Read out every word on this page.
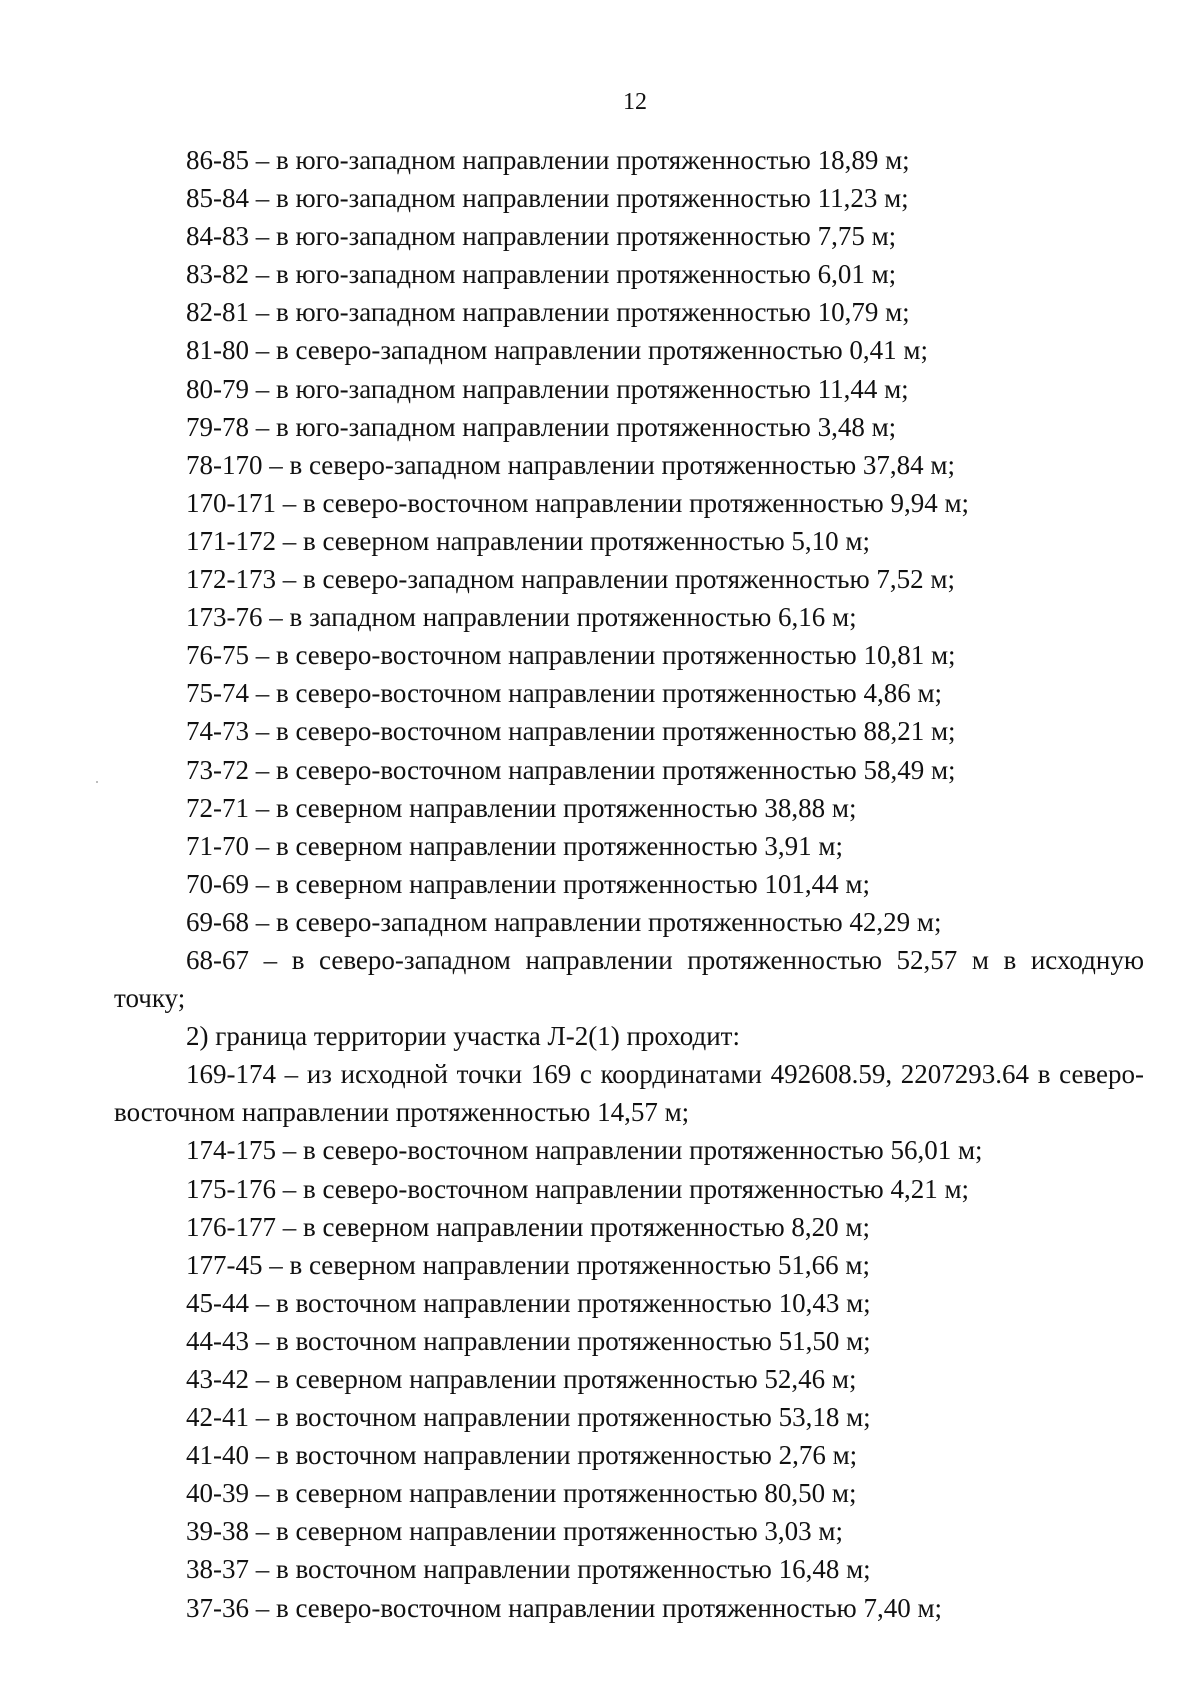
12

86-85 – в юго-западном направлении протяженностью 18,89 м;

85-84 – в юго-западном направлении протяженностью 11,23 м;

84-83 – в юго-западном направлении протяженностью 7,75 м;

83-82 – в юго-западном направлении протяженностью 6,01 м;

82-81 – в юго-западном направлении протяженностью 10,79 м;

81-80 – в северо-западном направлении протяженностью 0,41 м;

80-79 – в юго-западном направлении протяженностью 11,44 м;

79-78 – в юго-западном направлении протяженностью 3,48 м;

78-170 – в северо-западном направлении протяженностью 37,84 м;

170-171 – в северо-восточном направлении протяженностью 9,94 м;

171-172 – в северном направлении протяженностью 5,10 м;

172-173 – в северо-западном направлении протяженностью 7,52 м;

173-76 – в западном направлении протяженностью 6,16 м;

76-75 – в северо-восточном направлении протяженностью 10,81 м;

75-74 – в северо-восточном направлении протяженностью 4,86 м;

74-73 – в северо-восточном направлении протяженностью 88,21 м;

73-72 – в северо-восточном направлении протяженностью 58,49 м;

72-71 – в северном направлении протяженностью 38,88 м;

71-70 – в северном направлении протяженностью 3,91 м;

70-69 – в северном направлении протяженностью 101,44 м;

69-68 – в северо-западном направлении протяженностью 42,29 м;

68-67 – в северо-западном направлении протяженностью 52,57 м в исходную точку;

2) граница территории участка Л-2(1) проходит:

169-174 – из исходной точки 169 с координатами 492608.59, 2207293.64 в северо-восточном направлении протяженностью 14,57 м;

174-175 – в северо-восточном направлении протяженностью 56,01 м;

175-176 – в северо-восточном направлении протяженностью 4,21 м;

176-177 – в северном направлении протяженностью 8,20 м;

177-45 – в северном направлении протяженностью 51,66 м;

45-44 – в восточном направлении протяженностью 10,43 м;

44-43 – в восточном направлении протяженностью 51,50 м;

43-42 – в северном направлении протяженностью 52,46 м;

42-41 – в восточном направлении протяженностью 53,18 м;

41-40 – в восточном направлении протяженностью 2,76 м;

40-39 – в северном направлении протяженностью 80,50 м;

39-38 – в северном направлении протяженностью 3,03 м;

38-37 – в восточном направлении протяженностью 16,48 м;

37-36 – в северо-восточном направлении протяженностью 7,40 м;
